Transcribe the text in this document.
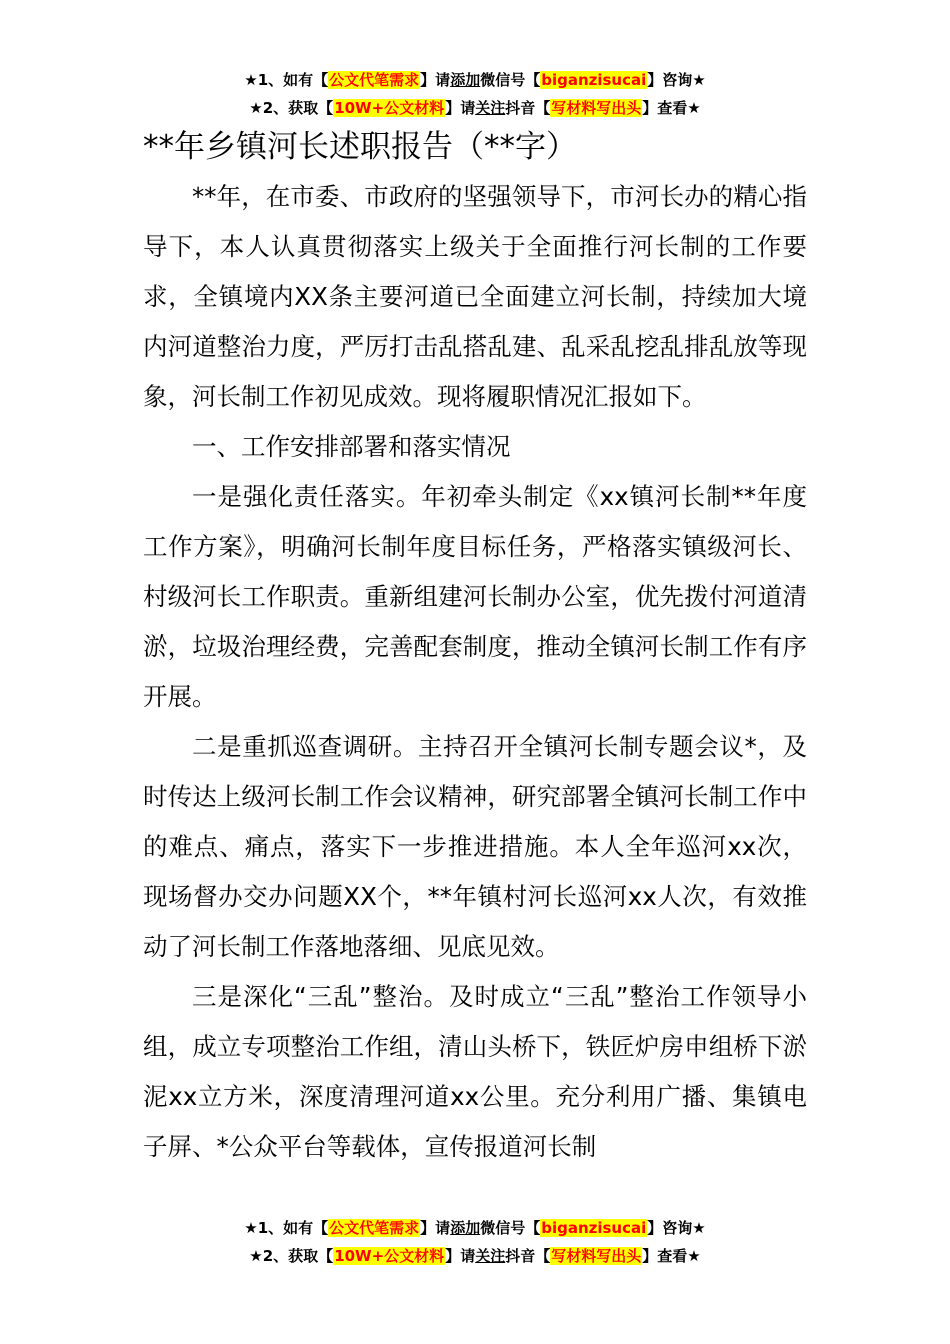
★1、如有【公文代笔需求】请添加微信号【biganzisucai】咨询★
★2、获取【10W+公文材料】请关注抖音【写材料写出头】查看★
**年乡镇河长述职报告（**字）

**年，在市委、市政府的坚强领导下，市河长办的精心指导下，本人认真贯彻落实上级关于全面推行河长制的工作要求，全镇境内XX条主要河道已全面建立河长制，持续加大境内河道整治力度，严厉打击乱搭乱建、乱采乱挖乱排乱放等现象，河长制工作初见成效。现将履职情况汇报如下。

一、工作安排部署和落实情况

一是强化责任落实。年初牵头制定《xx镇河长制**年度工作方案》，明确河长制年度目标任务，严格落实镇级河长、村级河长工作职责。重新组建河长制办公室，优先拨付河道清淤，垃圾治理经费，完善配套制度，推动全镇河长制工作有序开展。

二是重抓巡查调研。主持召开全镇河长制专题会议*，及时传达上级河长制工作会议精神，研究部署全镇河长制工作中的难点、痛点，落实下一步推进措施。本人全年巡河xx次，现场督办交办问题XX个，**年镇村河长巡河xx人次，有效推动了河长制工作落地落细、见底见效。

三是深化“三乱”整治。及时成立“三乱”整治工作领导小组，成立专项整治工作组，清山头桥下，铁匠炉房申组桥下淤泥xx立方米，深度清理河道xx公里。充分利用广播、集镇电子屏、*公众平台等载体，宣传报道河长制

★1、如有【公文代笔需求】请添加微信号【biganzisucai】咨询★
★2、获取【10W+公文材料】请关注抖音【写材料写出头】查看★
